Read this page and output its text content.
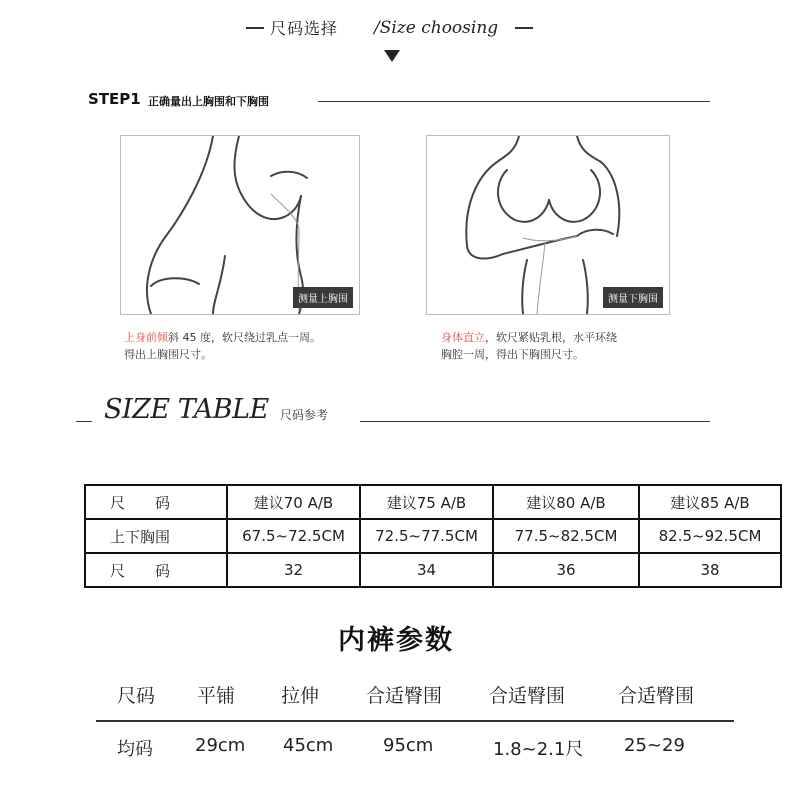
尺码选择 /Size choosing
STEP1 正确量出上胸围和下胸围
测量上胸围	测量下胸围
上身前倾斜 45 度，软尺绕过乳点一周。
得出上胸围尺寸。
身体直立，软尺紧贴乳根，水平环绕
胸腔一周，得出下胸围尺寸。
SIZE TABLE 尺码参考
尺　　码	建议70 A/B	建议75 A/B	建议80 A/B	建议85 A/B
上下胸围	67.5~72.5CM	72.5~77.5CM	77.5~82.5CM	82.5~92.5CM
尺　　码	32	34	36	38
内裤参数
尺码 平铺 拉伸 合适臀围 合适臀围	合适臀围
均码 29cm 45cm	95cm	1.8~2.1尺 25~29
